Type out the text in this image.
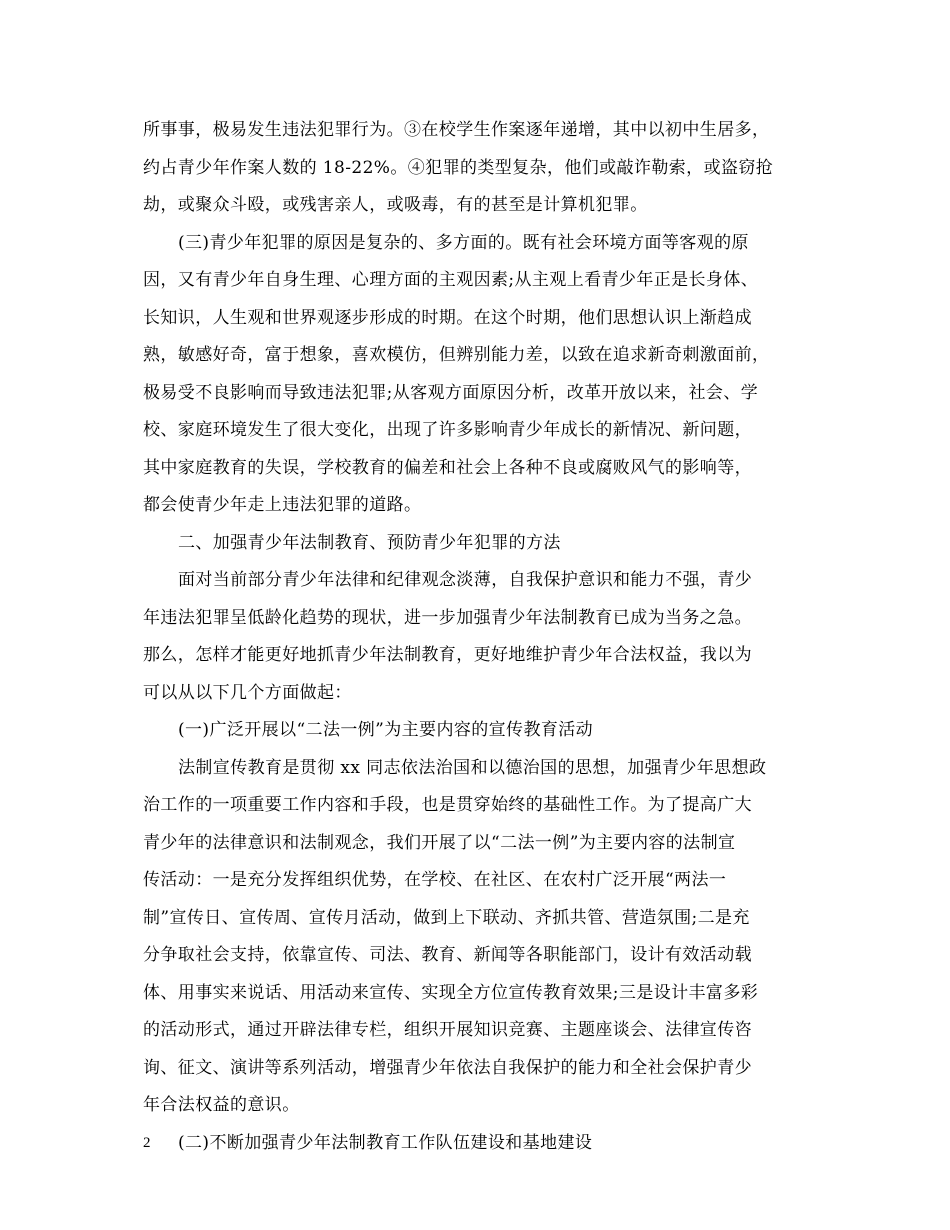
所事事，极易发生违法犯罪行为。③在校学生作案逐年递增，其中以初中生居多，
约占青少年作案人数的 18-22%。④犯罪的类型复杂，他们或敲诈勒索，或盗窃抢
劫，或聚众斗殴，或残害亲人，或吸毒，有的甚至是计算机犯罪。
(三)青少年犯罪的原因是复杂的、多方面的。既有社会环境方面等客观的原
因，又有青少年自身生理、心理方面的主观因素;从主观上看青少年正是长身体、
长知识，人生观和世界观逐步形成的时期。在这个时期，他们思想认识上渐趋成
熟，敏感好奇，富于想象，喜欢模仿，但辨别能力差，以致在追求新奇刺激面前，
极易受不良影响而导致违法犯罪;从客观方面原因分析，改革开放以来，社会、学
校、家庭环境发生了很大变化，出现了许多影响青少年成长的新情况、新问题，
其中家庭教育的失误，学校教育的偏差和社会上各种不良或腐败风气的影响等，
都会使青少年走上违法犯罪的道路。
二、加强青少年法制教育、预防青少年犯罪的方法
面对当前部分青少年法律和纪律观念淡薄，自我保护意识和能力不强，青少
年违法犯罪呈低龄化趋势的现状，进一步加强青少年法制教育已成为当务之急。
那么，怎样才能更好地抓青少年法制教育，更好地维护青少年合法权益，我以为
可以从以下几个方面做起：
(一)广泛开展以“二法一例”为主要内容的宣传教育活动
法制宣传教育是贯彻 xx 同志依法治国和以德治国的思想，加强青少年思想政
治工作的一项重要工作内容和手段，也是贯穿始终的基础性工作。为了提高广大
青少年的法律意识和法制观念，我们开展了以“二法一例”为主要内容的法制宣
传活动：一是充分发挥组织优势，在学校、在社区、在农村广泛开展“两法一
制”宣传日、宣传周、宣传月活动，做到上下联动、齐抓共管、营造氛围;二是充
分争取社会支持，依靠宣传、司法、教育、新闻等各职能部门，设计有效活动载
体、用事实来说话、用活动来宣传、实现全方位宣传教育效果;三是设计丰富多彩
的活动形式，通过开辟法律专栏，组织开展知识竞赛、主题座谈会、法律宣传咨
询、征文、演讲等系列活动，增强青少年依法自我保护的能力和全社会保护青少
年合法权益的意识。
(二)不断加强青少年法制教育工作队伍建设和基地建设
2
